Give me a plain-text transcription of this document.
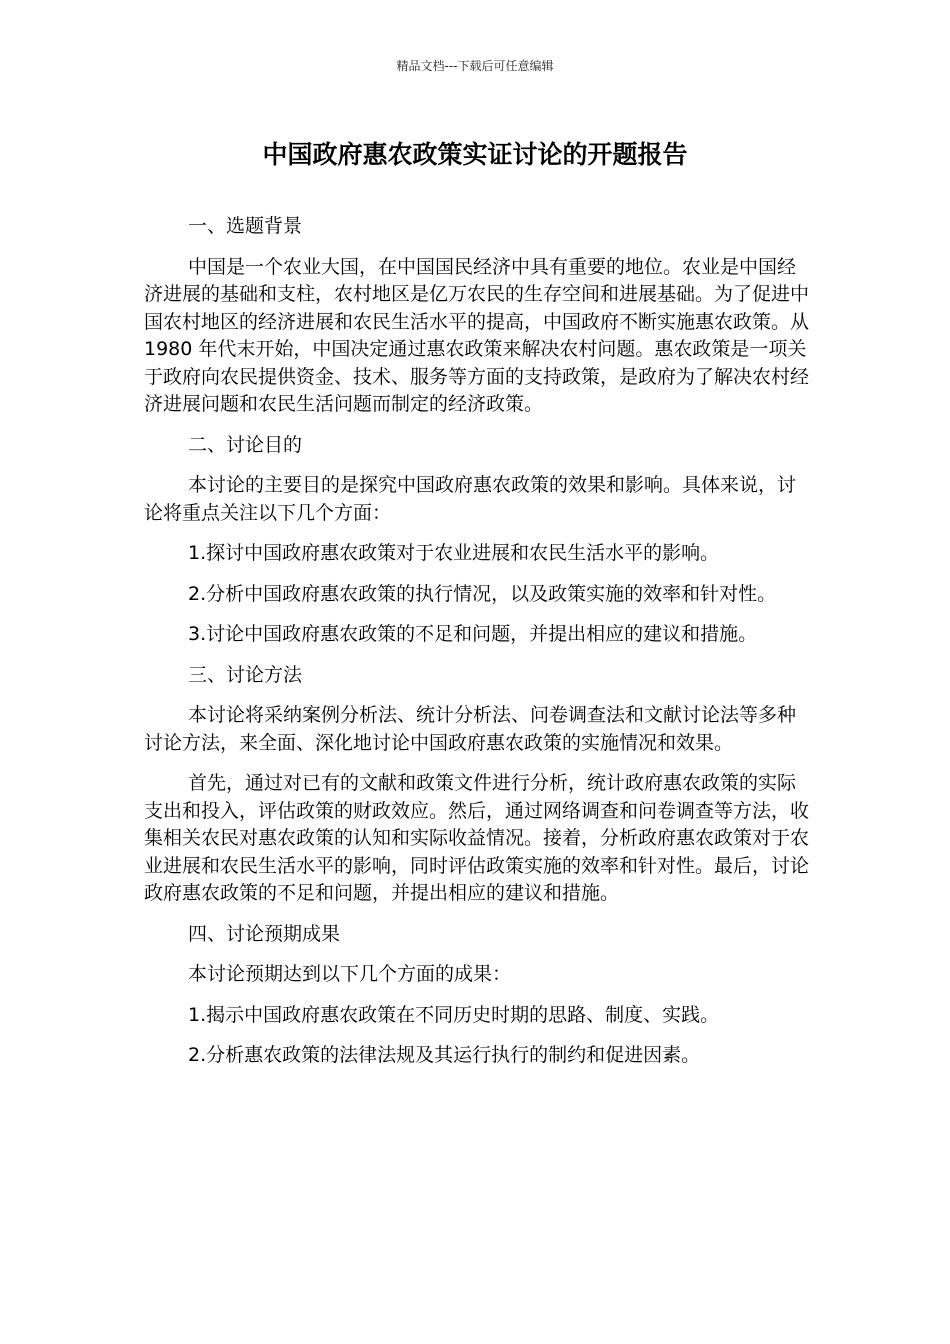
精品文档---下载后可任意编辑
中国政府惠农政策实证讨论的开题报告

一、选题背景

中国是一个农业大国，在中国国民经济中具有重要的地位。农业是中国经济进展的基础和支柱，农村地区是亿万农民的生存空间和进展基础。为了促进中国农村地区的经济进展和农民生活水平的提高，中国政府不断实施惠农政策。从 1980 年代末开始，中国决定通过惠农政策来解决农村问题。惠农政策是一项关于政府向农民提供资金、技术、服务等方面的支持政策，是政府为了解决农村经济进展问题和农民生活问题而制定的经济政策。

二、讨论目的

本讨论的主要目的是探究中国政府惠农政策的效果和影响。具体来说，讨论将重点关注以下几个方面：

1.探讨中国政府惠农政策对于农业进展和农民生活水平的影响。

2.分析中国政府惠农政策的执行情况，以及政策实施的效率和针对性。

3.讨论中国政府惠农政策的不足和问题，并提出相应的建议和措施。

三、讨论方法

本讨论将采纳案例分析法、统计分析法、问卷调查法和文献讨论法等多种讨论方法，来全面、深化地讨论中国政府惠农政策的实施情况和效果。

首先，通过对已有的文献和政策文件进行分析，统计政府惠农政策的实际支出和投入，评估政策的财政效应。然后，通过网络调查和问卷调查等方法，收集相关农民对惠农政策的认知和实际收益情况。接着，分析政府惠农政策对于农业进展和农民生活水平的影响，同时评估政策实施的效率和针对性。最后，讨论政府惠农政策的不足和问题，并提出相应的建议和措施。

四、讨论预期成果

本讨论预期达到以下几个方面的成果：

1.揭示中国政府惠农政策在不同历史时期的思路、制度、实践。

2.分析惠农政策的法律法规及其运行执行的制约和促进因素。
